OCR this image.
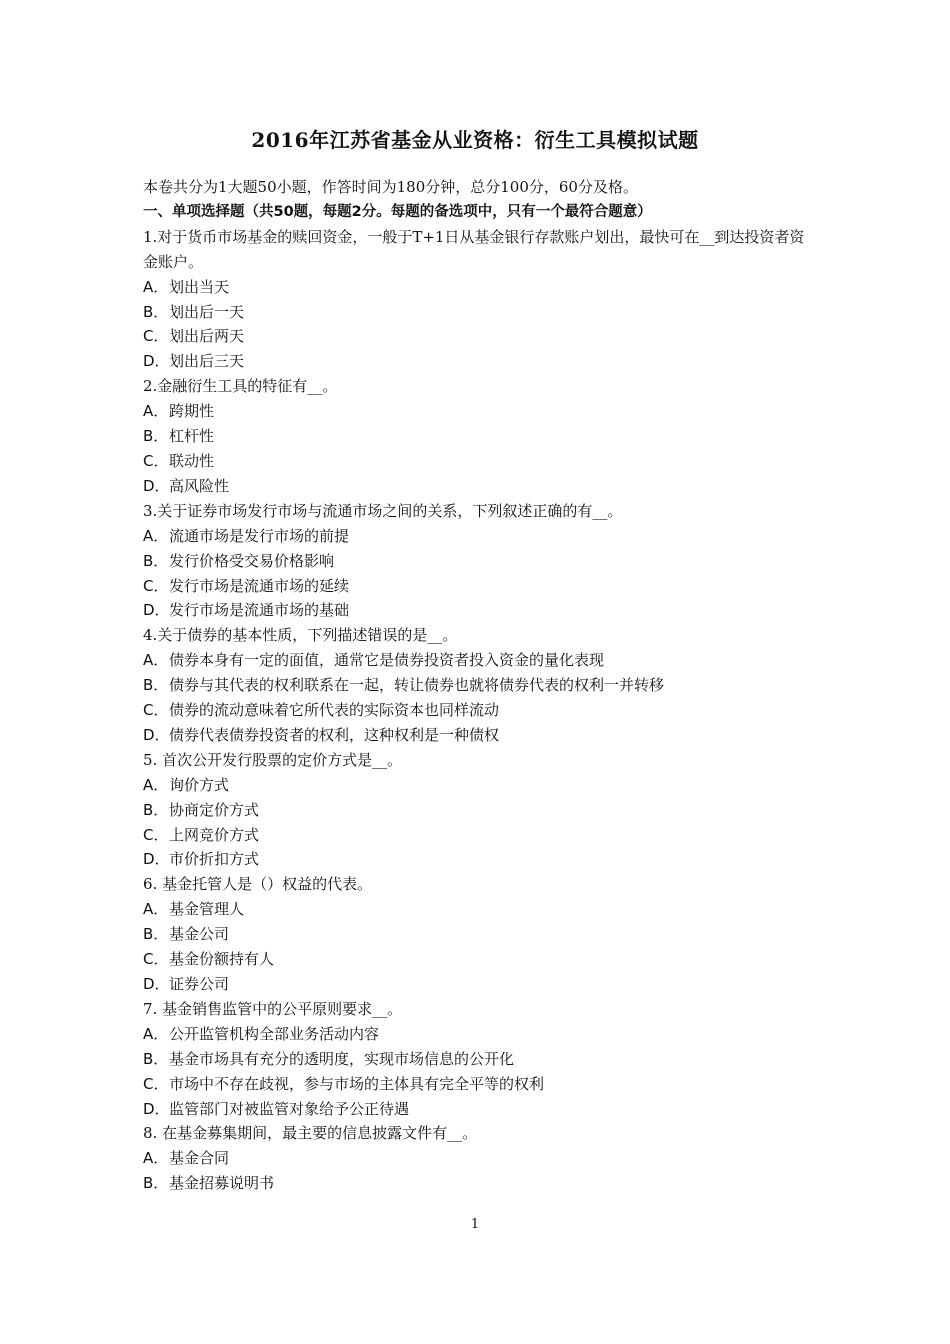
2016年江苏省基金从业资格：衍生工具模拟试题

本卷共分为1大题50小题，作答时间为180分钟，总分100分，60分及格。

一、单项选择题（共50题，每题2分。每题的备选项中，只有一个最符合题意）

1.对于货币市场基金的赎回资金，一般于T+1日从基金银行存款账户划出，最快可在__到达投资者资金账户。

A．划出当天

B．划出后一天

C．划出后两天

D．划出后三天

2.金融衍生工具的特征有__。

A．跨期性

B．杠杆性

C．联动性

D．高风险性

3.关于证券市场发行市场与流通市场之间的关系，下列叙述正确的有__。

A．流通市场是发行市场的前提

B．发行价格受交易价格影响

C．发行市场是流通市场的延续

D．发行市场是流通市场的基础

4.关于债券的基本性质，下列描述错误的是__。

A．债券本身有一定的面值，通常它是债券投资者投入资金的量化表现

B．债券与其代表的权利联系在一起，转让债券也就将债券代表的权利一并转移

C．债券的流动意味着它所代表的实际资本也同样流动

D．债券代表债券投资者的权利，这种权利是一种债权

5. 首次公开发行股票的定价方式是__。

A．询价方式

B．协商定价方式

C．上网竞价方式

D．市价折扣方式

6. 基金托管人是（）权益的代表。

A．基金管理人

B．基金公司

C．基金份额持有人

D．证券公司

7. 基金销售监管中的公平原则要求__。

A．公开监管机构全部业务活动内容

B．基金市场具有充分的透明度，实现市场信息的公开化

C．市场中不存在歧视，参与市场的主体具有完全平等的权利

D．监管部门对被监管对象给予公正待遇

8. 在基金募集期间，最主要的信息披露文件有__。

A．基金合同

B．基金招募说明书

1
